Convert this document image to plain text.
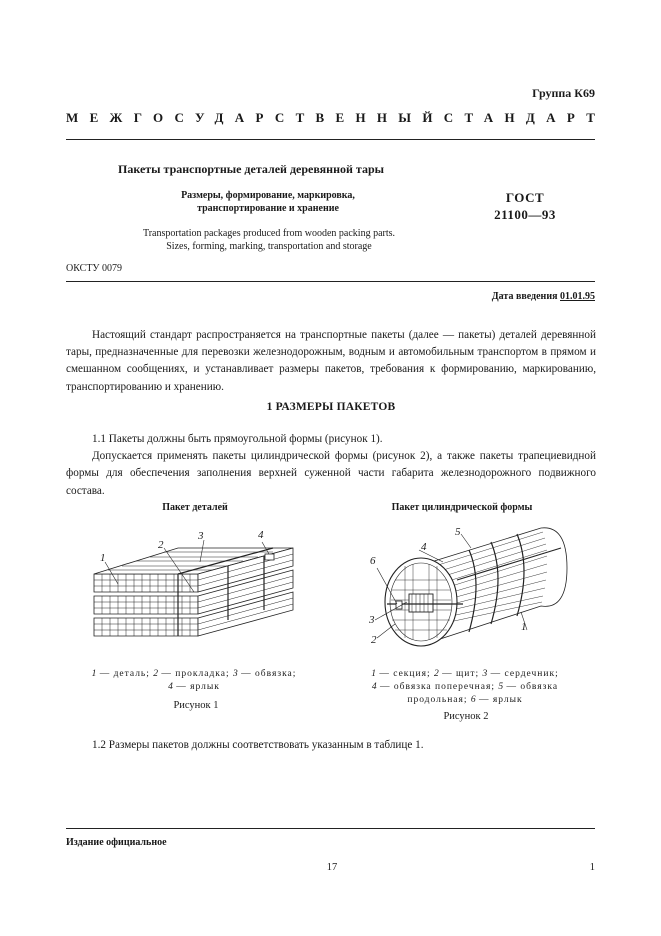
Группа К69
МЕЖГОСУДАРСТВЕННЫЙ СТАНДАРТ
Пакеты транспортные деталей деревянной тары
Размеры, формирование, маркировка,
транспортирование и хранение
Transportation packages produced from wooden packing parts.
Sizes, forming, marking, transportation and storage
ГОСТ
21100—93
ОКСТУ 0079
Дата введения 01.01.95

Настоящий стандарт распространяется на транспортные пакеты (далее — пакеты) деталей деревянной тары, предназначенные для перевозки железнодорожным, водным и автомобильным транспортом в прямом и смешанном сообщениях, и устанавливает размеры пакетов, требования к формированию, маркированию, транспортированию и хранению.

1 РАЗМЕРЫ ПАКЕТОВ

1.1 Пакеты должны быть прямоугольной формы (рисунок 1).

Допускается применять пакеты цилиндрической формы (рисунок 2), а также пакеты трапециевидной формы для обеспечения заполнения верхней суженной части габарита железнодорожного подвижного состава.

Пакет деталей
1
2
3	4
1 — деталь; 2 — прокладка; 3 — обвязка;
4 — ярлык
Рисунок 1
Пакет цилиндрической формы
6
4
5
1
3
2
1 — секция; 2 — щит; 3 — сердечник;
4 — обвязка поперечная; 5 — обвязка
продольная; 6 — ярлык
Рисунок 2

1.2 Размеры пакетов должны соответствовать указанным в таблице 1.

Издание официальное
17	1
